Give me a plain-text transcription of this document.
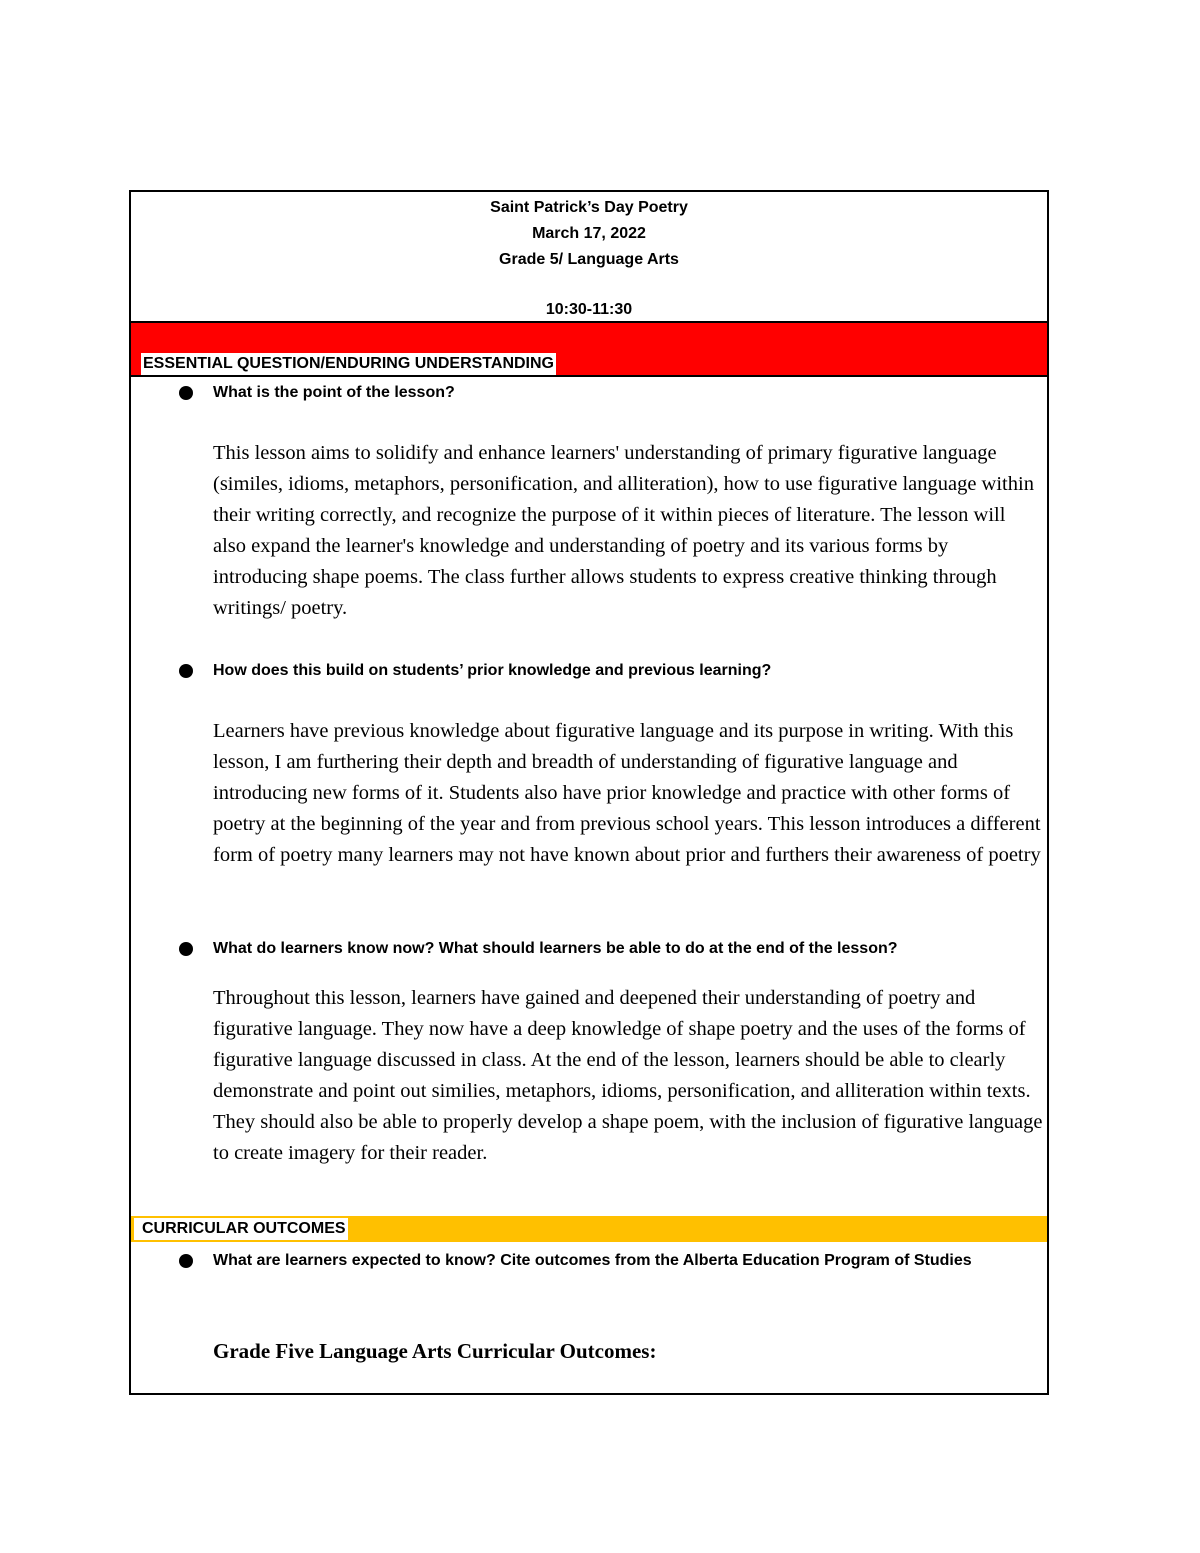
Saint Patrick’s Day Poetry
March 17, 2022
Grade 5/ Language Arts
10:30-11:30
ESSENTIAL QUESTION/ENDURING UNDERSTANDING
What is the point of the lesson?
This lesson aims to solidify and enhance learners' understanding of primary figurative language (similes, idioms, metaphors, personification, and alliteration), how to use figurative language within their writing correctly, and recognize the purpose of it within pieces of literature. The lesson will also expand the learner's knowledge and understanding of poetry and its various forms by introducing shape poems. The class further allows students to express creative thinking through writings/ poetry.
How does this build on students’ prior knowledge and previous learning?
Learners have previous knowledge about figurative language and its purpose in writing. With this lesson, I am furthering their depth and breadth of understanding of figurative language and introducing new forms of it. Students also have prior knowledge and practice with other forms of poetry at the beginning of the year and from previous school years. This lesson introduces a different form of poetry many learners may not have known about prior and furthers their awareness of poetry
What do learners know now? What should learners be able to do at the end of the lesson?
Throughout this lesson, learners have gained and deepened their understanding of poetry and figurative language. They now have a deep knowledge of shape poetry and the uses of the forms of figurative language discussed in class. At the end of the lesson, learners should be able to clearly demonstrate and point out similies, metaphors, idioms, personification, and alliteration within texts. They should also be able to properly develop a shape poem, with the inclusion of figurative language to create imagery for their reader.
CURRICULAR OUTCOMES
What are learners expected to know? Cite outcomes from the Alberta Education Program of Studies
Grade Five Language Arts Curricular Outcomes:
